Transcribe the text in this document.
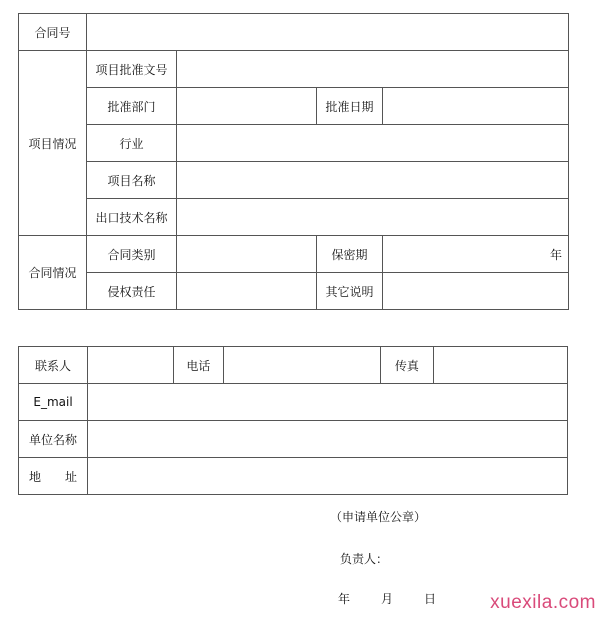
合同号				
项目情况	项目批准文号			
	批准部门		批准日期	
	行业			
	项目名称			
	出口技术名称			
合同情况	合同类别		保密期	年
	侵权责任		其它说明	
联系人		电话		传真	
E_mail					
单位名称					
地　　址					
（申请单位公章）
负责人：
年	月	日	xuexila.com
